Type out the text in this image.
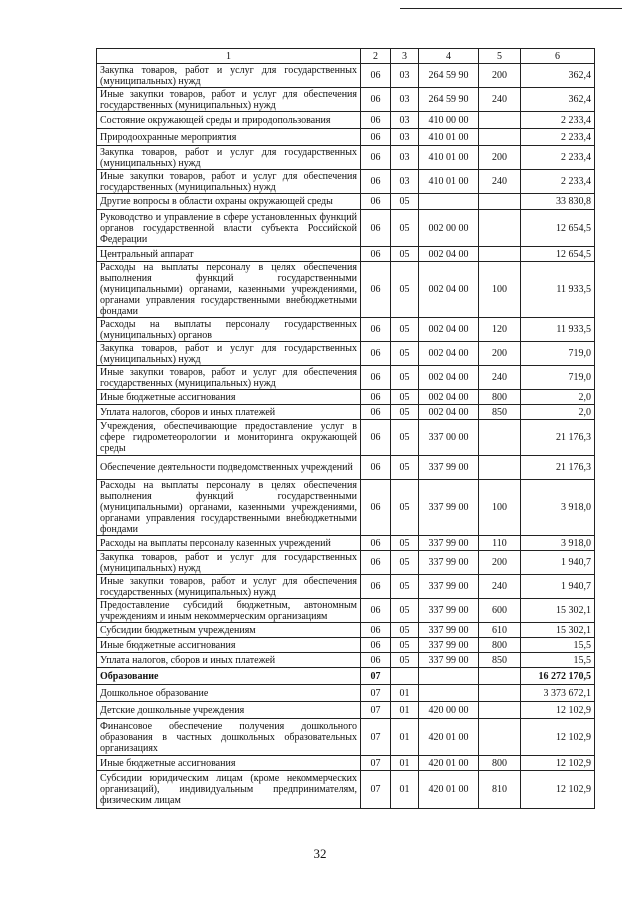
1	2	3	4	5	6
Закупка товаров, работ и услуг для государственных (муниципальных) нужд	06	03	264 59 90	200	362,4
Иные закупки товаров, работ и услуг для обеспечения государственных (муниципальных) нужд	06	03	264 59 90	240	362,4
Состояние окружающей среды и природопользования	06	03	410 00 00		2 233,4
Природоохранные мероприятия	06	03	410 01 00		2 233,4
Закупка товаров, работ и услуг для государственных (муниципальных) нужд	06	03	410 01 00	200	2 233,4
Иные закупки товаров, работ и услуг для обеспечения государственных (муниципальных) нужд	06	03	410 01 00	240	2 233,4
Другие вопросы в области охраны окружающей среды	06	05			33 830,8
Руководство и управление в сфере установленных функций органов государственной власти субъекта Российской Федерации	06	05	002 00 00		12 654,5
Центральный аппарат	06	05	002 04 00		12 654,5
Расходы на выплаты персоналу в целях обеспечения выполнения функций государственными (муниципальными) органами, казенными учреждениями, органами управления государственными внебюджетными фондами	06	05	002 04 00	100	11 933,5
Расходы на выплаты персоналу государственных (муниципальных) органов	06	05	002 04 00	120	11 933,5
Закупка товаров, работ и услуг для государственных (муниципальных) нужд	06	05	002 04 00	200	719,0
Иные закупки товаров, работ и услуг для обеспечения государственных (муниципальных) нужд	06	05	002 04 00	240	719,0
Иные бюджетные ассигнования	06	05	002 04 00	800	2,0
Уплата налогов, сборов и иных платежей	06	05	002 04 00	850	2,0
Учреждения, обеспечивающие предоставление услуг в сфере гидрометеорологии и мониторинга окружающей среды	06	05	337 00 00		21 176,3
Обеспечение деятельности подведомственных учреждений	06	05	337 99 00		21 176,3
Расходы на выплаты персоналу в целях обеспечения выполнения функций государственными (муниципальными) органами, казенными учреждениями, органами управления государственными внебюджетными фондами	06	05	337 99 00	100	3 918,0
Расходы на выплаты персоналу казенных учреждений	06	05	337 99 00	110	3 918,0
Закупка товаров, работ и услуг для государственных (муниципальных) нужд	06	05	337 99 00	200	1 940,7
Иные закупки товаров, работ и услуг для обеспечения государственных (муниципальных) нужд	06	05	337 99 00	240	1 940,7
Предоставление субсидий бюджетным, автономным учреждениям и иным некоммерческим организациям	06	05	337 99 00	600	15 302,1
Субсидии бюджетным учреждениям	06	05	337 99 00	610	15 302,1
Иные бюджетные ассигнования	06	05	337 99 00	800	15,5
Уплата налогов, сборов и иных платежей	06	05	337 99 00	850	15,5
Образование	07				16 272 170,5
Дошкольное образование	07	01			3 373 672,1
Детские дошкольные учреждения	07	01	420 00 00		12 102,9
Финансовое обеспечение получения дошкольного образования в частных дошкольных образовательных организациях	07	01	420 01 00		12 102,9
Иные бюджетные ассигнования	07	01	420 01 00	800	12 102,9
Субсидии юридическим лицам (кроме некоммерческих организаций), индивидуальным предпринимателям, физическим лицам	07	01	420 01 00	810	12 102,9
32
